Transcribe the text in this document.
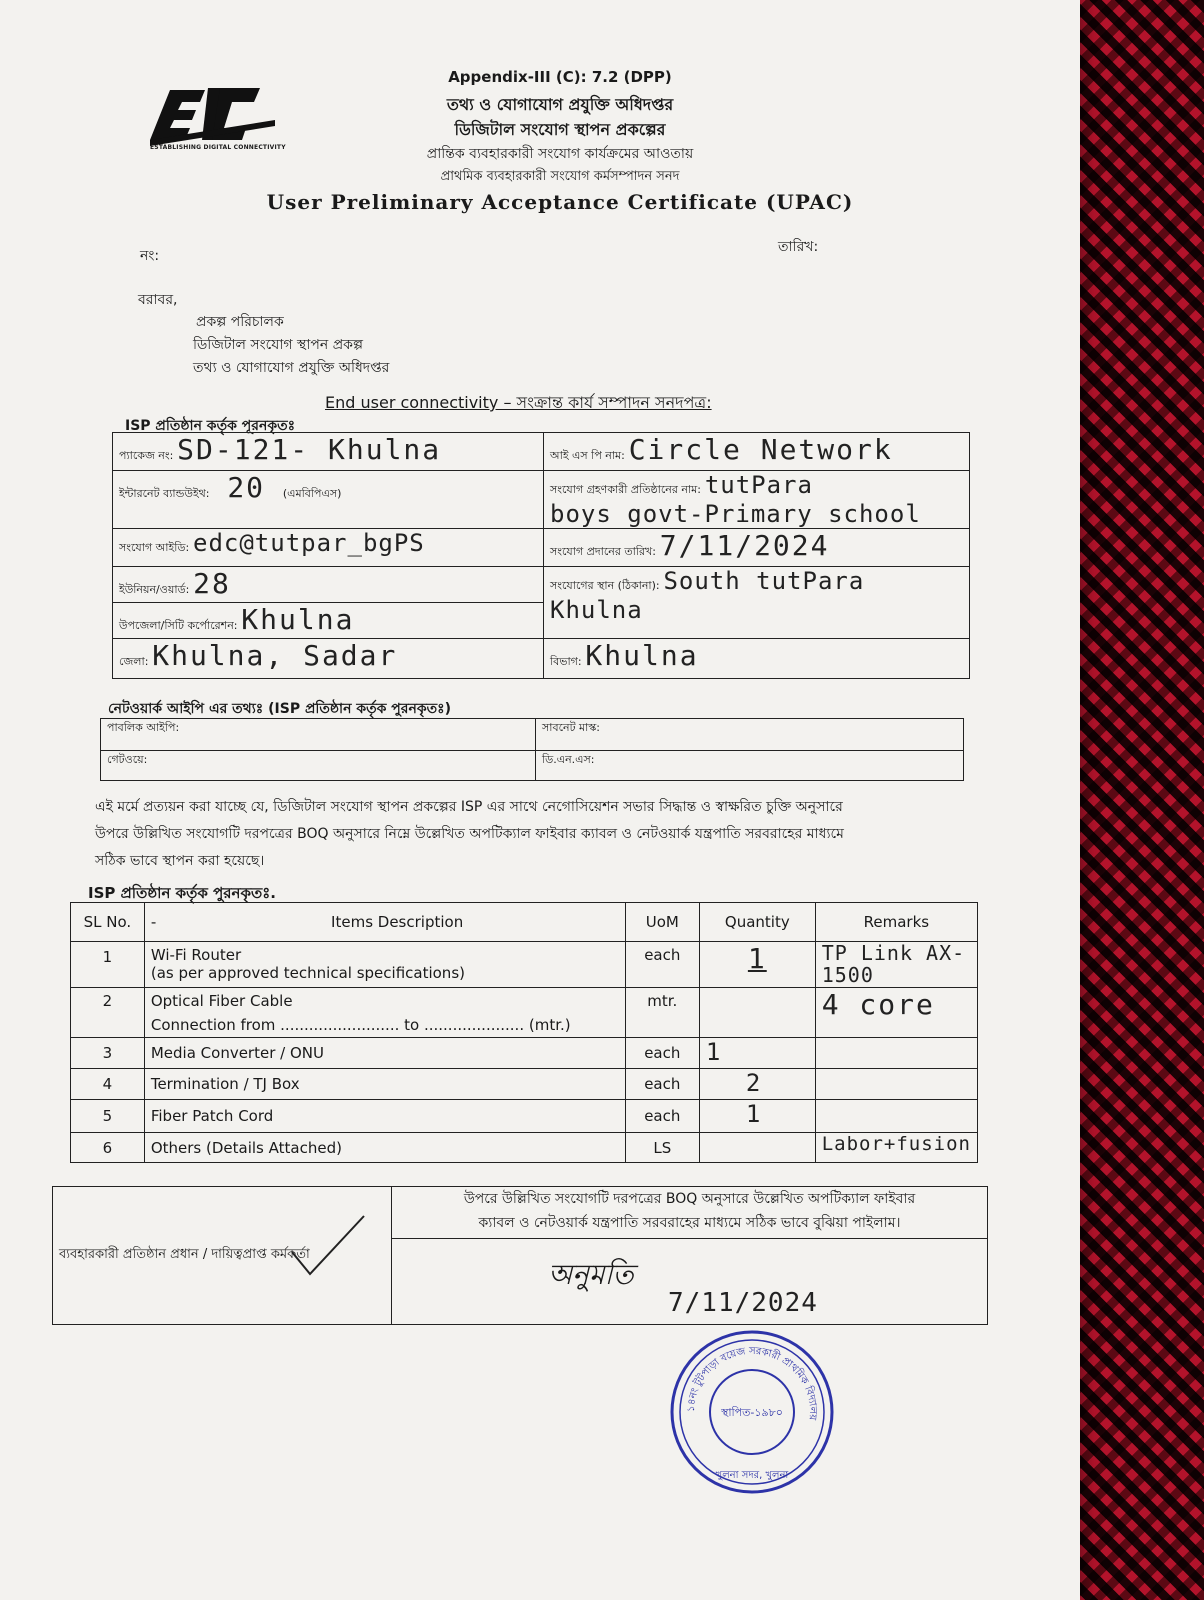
ESTABLISHING DIGITAL CONNECTIVITY
Appendix-III (C): 7.2 (DPP)
তথ্য ও যোগাযোগ প্রযুক্তি অধিদপ্তর
ডিজিটাল সংযোগ স্থাপন প্রকল্পের
প্রান্তিক ব্যবহারকারী সংযোগ কার্যক্রমের আওতায়
প্রাথমিক ব্যবহারকারী সংযোগ কর্মসম্পাদন সনদ
User Preliminary Acceptance Certificate (UPAC)
নং:
তারিখ:
বরাবর,
প্রকল্প পরিচালক
ডিজিটাল সংযোগ স্থাপন প্রকল্প
তথ্য ও যোগাযোগ প্রযুক্তি অধিদপ্তর
End user connectivity – সংক্রান্ত কার্য সম্পাদন সনদপত্র:
ISP প্রতিষ্ঠান কর্তৃক পূরনকৃতঃ
প্যাকেজ নং: SD-121- Khulna	আই এস পি নাম: Circle Network
ইন্টারনেট ব্যান্ডউইথ: 20 (এমবিপিএস)	সংযোগ গ্রহণকারী প্রতিষ্ঠানের নাম: tutPara
boys govt-Primary school
সংযোগ আইডি: edc@tutpar_bgPS	সংযোগ প্রদানের তারিখ: 7/11/2024
ইউনিয়ন/ওয়ার্ড: 28	সংযোগের স্থান (ঠিকানা): South tutPara
Khulna
উপজেলা/সিটি কর্পোরেশন: Khulna	
জেলা: Khulna, Sadar	বিভাগ: Khulna
নেটওয়ার্ক আইপি এর তথ্যঃ (ISP প্রতিষ্ঠান কর্তৃক পুরনকৃতঃ)
পাবলিক আইপি:	সাবনেট মাস্ক:
গেটওয়ে:	ডি.এন.এস:
এই মর্মে প্রত্যয়ন করা যাচ্ছে যে, ডিজিটাল সংযোগ স্থাপন প্রকল্পের ISP এর সাথে নেগোসিয়েশন সভার সিদ্ধান্ত ও স্বাক্ষরিত চুক্তি অনুসারে
উপরে উল্লিখিত সংযোগটি দরপত্রের BOQ অনুসারে নিম্নে উল্লেখিত অপটিক্যাল ফাইবার ক্যাবল ও নেটওয়ার্ক যন্ত্রপাতি সরবরাহের মাধ্যমে
সঠিক ভাবে স্থাপন করা হয়েছে।
ISP প্রতিষ্ঠান কর্তৃক পুরনকৃতঃ.
SL No.	- Items Description	UoM	Quantity	Remarks
1	Wi-Fi Router
(as per approved technical specifications)	each	1	TP Link AX-1500
2	Optical Fiber Cable
Connection from ......................... to ..................... (mtr.)	mtr.		4 core
3	Media Converter / ONU	each	1	
4	Termination / TJ Box	each	2	
5	Fiber Patch Cord	each	1	
6	Others (Details Attached)	LS		Labor+fusion
ব্যবহারকারী প্রতিষ্ঠান প্রধান / দায়িত্বপ্রাপ্ত কর্মকর্তা	
উপরে উল্লিখিত সংযোগটি দরপত্রের BOQ অনুসারে উল্লেখিত অপটিক্যাল ফাইবার
ক্যাবল ও নেটওয়ার্ক যন্ত্রপাতি সরবরাহের মাধ্যমে সঠিক ভাবে বুঝিয়া পাইলাম।

অনুমতি
7/11/2024
১৪নং টুটপাড়া বয়েজ সরকারী প্রাথমিক বিদ্যালয়
খুলনা সদর, খুলনা
স্থাপিত-১৯৮০
